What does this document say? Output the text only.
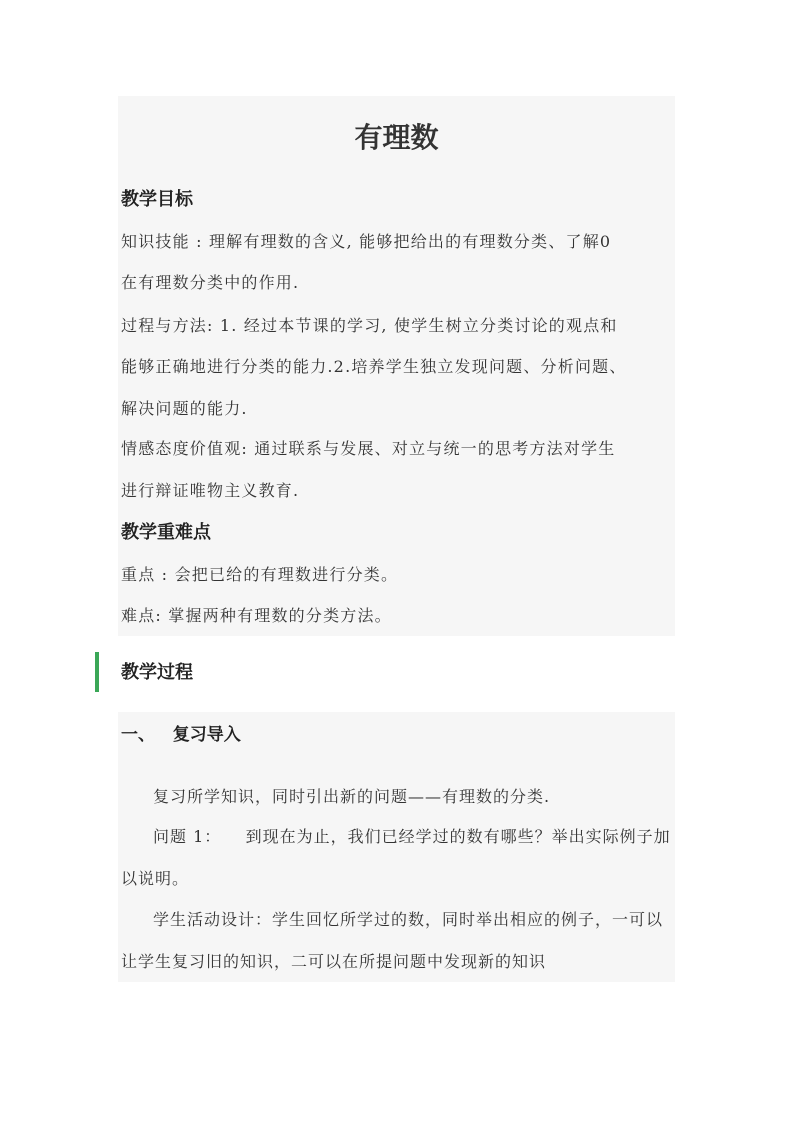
有理数
教学目标
知识技能 : 理解有理数的含义, 能够把给出的有理数分类、了解0
在有理数分类中的作用.
过程与方法: 1. 经过本节课的学习, 使学生树立分类讨论的观点和
能够正确地进行分类的能力.2.培养学生独立发现问题、分析问题、
解决问题的能力.
情感态度价值观: 通过联系与发展、对立与统一的思考方法对学生
进行辩证唯物主义教育.
教学重难点
重点 : 会把已给的有理数进行分类。
难点: 掌握两种有理数的分类方法。
教学过程
一、   复习导入

复习所学知识，同时引出新的问题——有理数的分类.

问题 1：    到现在为止，我们已经学过的数有哪些？举出实际例子加以说明。

学生活动设计：学生回忆所学过的数，同时举出相应的例子，一可以让学生复习旧的知识，二可以在所提问题中发现新的知识
